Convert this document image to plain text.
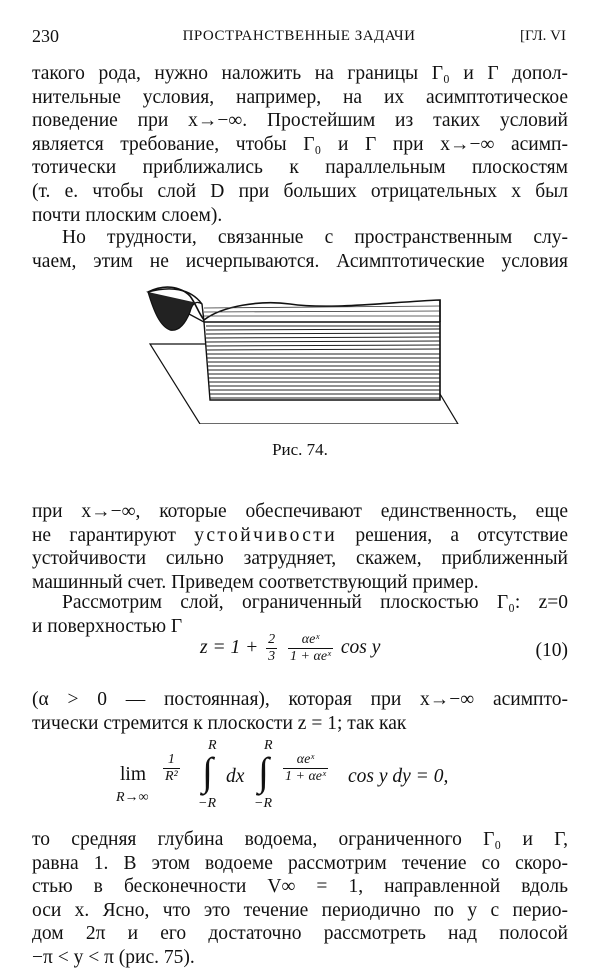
230	ПРОСТРАНСТВЕННЫЕ ЗАДАЧИ	[ГЛ. VI
такого рода, нужно наложить на границы Γ₀ и Γ допол-
нительные условия, например, на их асимптотическое
поведение при x→−∞. Простейшим из таких условий
является требование, чтобы Γ₀ и Γ при x→−∞ асимп-
тотически приближались к параллельным плоскостям
(т. е. чтобы слой D при больших отрицательных x был
почти плоским слоем).
Но трудности, связанные с пространственным слу-
чаем, этим не исчерпываются. Асимптотические условия
Рис. 74.
при x→−∞, которые обеспечивают единственность, еще
не гарантируют устойчивости решения, а отсутствие
устойчивости сильно затрудняет, скажем, приближенный
машинный счет. Приведем соответствующий пример.
Рассмотрим слой, ограниченный плоскостью Γ₀: z=0
и поверхностью Γ
$z = 1 + \frac{2}{3}$
$\frac{\text{αeˣ}}{\text{1 + αeˣ}}$ cos y	(10)
(α > 0 — постоянная), которая при x→−∞ асимпто-
тически стремится к плоскости z = 1; так как
lim
R→∞
$\frac{1}{\text{R²}}$
R
∫
−R
dx
R
∫
−R
$\frac{\text{αeˣ}}{\text{1 + αeˣ}}$ cos y dy = 0,
то средняя глубина водоема, ограниченного Γ₀ и Γ,
равна 1. В этом водоеме рассмотрим течение со скоро-
стью в бесконечности V∞ = 1, направленной вдоль
оси x. Ясно, что это течение периодично по y с перио-
дом 2π и его достаточно рассмотреть над полосой
−π < y < π (рис. 75).
